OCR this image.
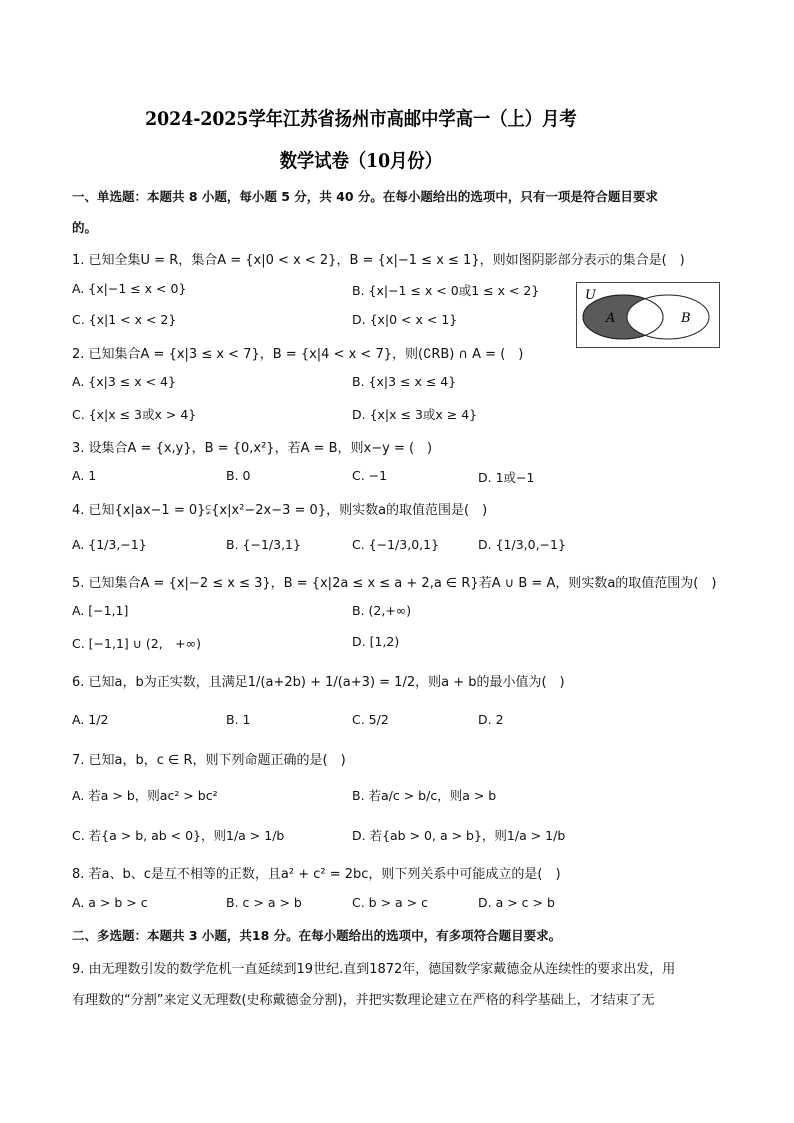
2024-2025学年江苏省扬州市高邮中学高一（上）月考
数学试卷（10月份）
一、单选题：本题共 8 小题，每小题 5 分，共 40 分。在每小题给出的选项中，只有一项是符合题目要求
的。
1. 已知全集U = R，集合A = {x|0 < x < 2}，B = {x|−1 ≤ x ≤ 1}，则如图阴影部分表示的集合是(　)
A. {x|−1 ≤ x < 0}	B. {x|−1 ≤ x < 0或1 ≤ x < 2}
C. {x|1 < x < 2}	D. {x|0 < x < 1}
U
A	B
2. 已知集合A = {x|3 ≤ x < 7}，B = {x|4 < x < 7}，则(∁RB) ∩ A = (　)
A. {x|3 ≤ x < 4}	B. {x|3 ≤ x ≤ 4}
C. {x|x ≤ 3或x > 4}	D. {x|x ≤ 3或x ≥ 4}
3. 设集合A = {x,y}，B = {0,x²}，若A = B，则x−y = (　)
A. 1	B. 0	C. −1	D. 1或−1
4. 已知{x|ax−1 = 0}⫋{x|x²−2x−3 = 0}，则实数a的取值范围是(　)
A. {1/3,−1}	B. {−1/3,1}	C. {−1/3,0,1}	D. {1/3,0,−1}
5. 已知集合A = {x|−2 ≤ x ≤ 3}，B = {x|2a ≤ x ≤ a + 2,a ∈ R}若A ∪ B = A，则实数a的取值范围为(　)
A. [−1,1]	B. (2,+∞)
C. [−1,1] ∪ (2,　+∞)	D. [1,2)
6. 已知a，b为正实数，且满足1/(a+2b) + 1/(a+3) = 1/2，则a + b的最小值为(　)
A. 1/2	B. 1	C. 5/2	D. 2
7. 已知a，b，c ∈ R，则下列命题正确的是(　)
A. 若a > b，则ac² > bc²	B. 若a/c > b/c，则a > b
C. 若{a > b, ab < 0}，则1/a > 1/b	D. 若{ab > 0, a > b}，则1/a > 1/b
8. 若a、b、c是互不相等的正数，且a² + c² = 2bc，则下列关系中可能成立的是(　)
A. a > b > c	B. c > a > b	C. b > a > c	D. a > c > b
二、多选题：本题共 3 小题，共18 分。在每小题给出的选项中，有多项符合题目要求。
9. 由无理数引发的数学危机一直延续到19世纪.直到1872年，德国数学家戴德金从连续性的要求出发，用
有理数的“分割”来定义无理数(史称戴德金分割)，并把实数理论建立在严格的科学基础上，才结束了无
